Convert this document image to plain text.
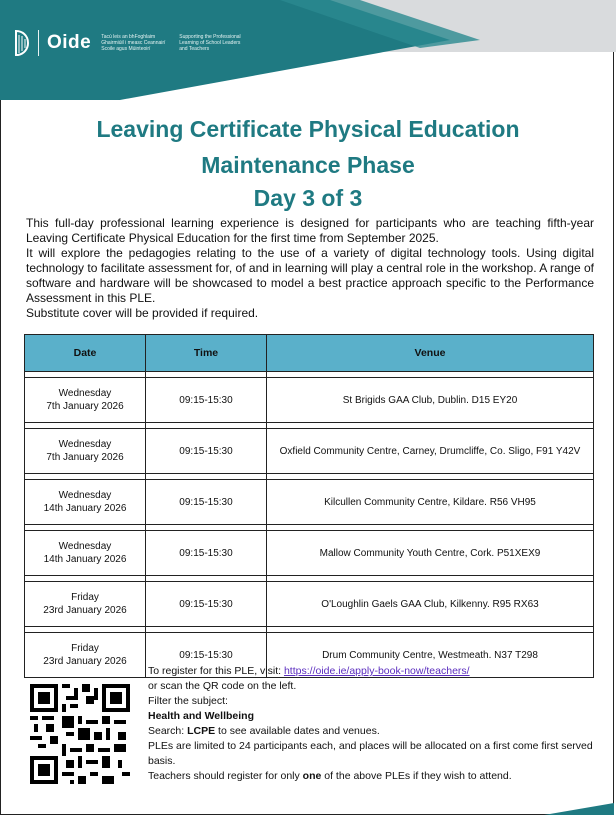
Oide Tacú leis an bhFoghlaim Ghairmiúil i measc Ceannairí Scoile agus Múinteoirí
Supporting the Professional Learning of School Leaders and Teachers
Leaving Certificate Physical Education
Maintenance Phase
Day 3 of 3

This full-day professional learning experience is designed for participants who are teaching fifth-year Leaving Certificate Physical Education for the first time from September 2025.

It will explore the pedagogies relating to the use of a variety of digital technology tools. Using digital technology to facilitate assessment for, of and in learning will play a central role in the workshop. A range of software and hardware will be showcased to model a best practice approach specific to the Performance Assessment in this PLE.

Substitute cover will be provided if required.

Date	Time	Venue

Wednesday
7th January 2026	09:15-15:30	St Brigids GAA Club, Dublin. D15 EY20

Wednesday
7th January 2026	09:15-15:30	Oxfield Community Centre, Carney, Drumcliffe, Co. Sligo, F91 Y42V

Wednesday
14th January 2026	09:15-15:30	Kilcullen Community Centre, Kildare. R56 VH95

Wednesday
14th January 2026	09:15-15:30	Mallow Community Youth Centre, Cork. P51XEX9

Friday
23rd January 2026	09:15-15:30	O'Loughlin Gaels GAA Club, Kilkenny. R95 RX63

Friday
23rd January 2026	09:15-15:30	Drum Community Centre, Westmeath. N37 T298

To register for this PLE, visit: https://oide.ie/apply-book-now/teachers/

or scan the QR code on the left.

Filter the subject:

Health and Wellbeing

Search: LCPE to see available dates and venues.

PLEs are limited to 24 participants each, and places will be allocated on a first come first served basis.

Teachers should register for only one of the above PLEs if they wish to attend.
